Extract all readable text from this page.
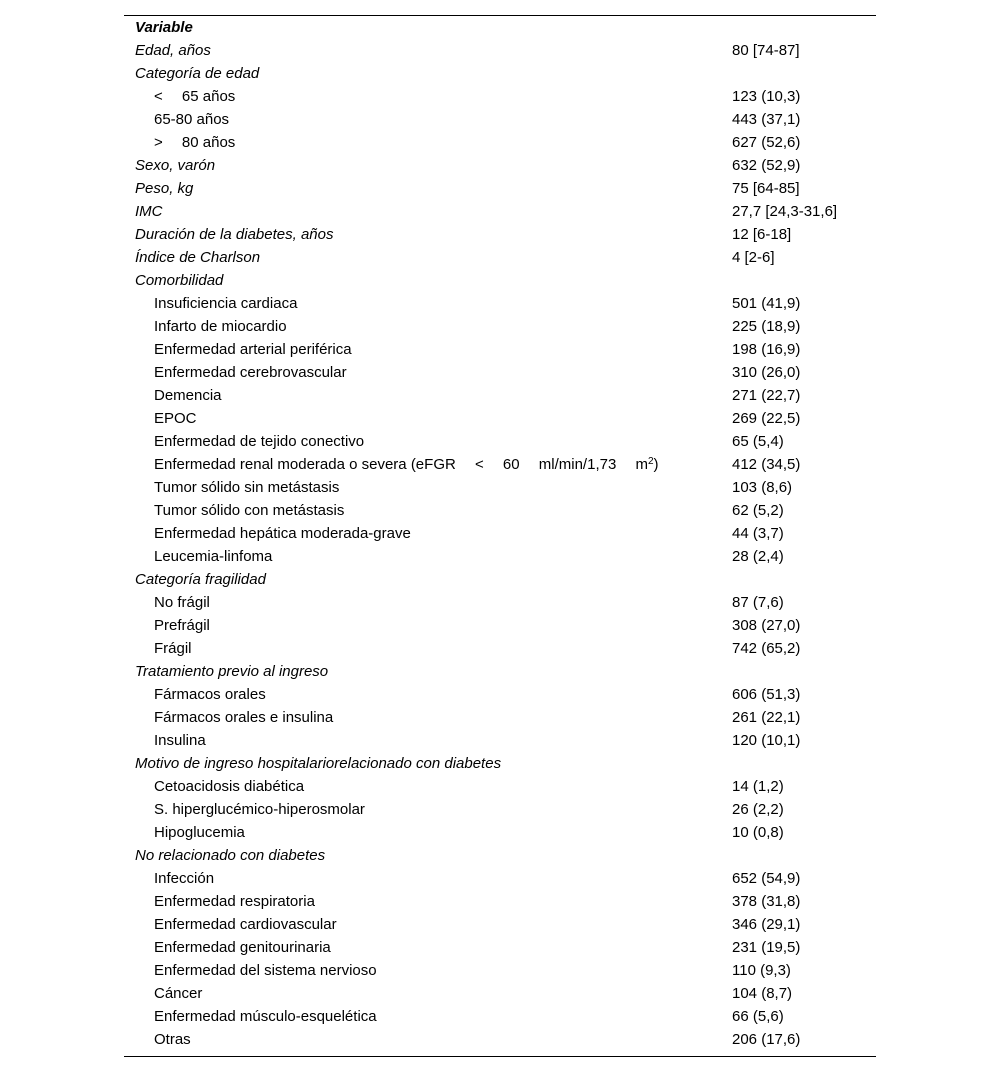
Variable
Edad, años	80 [74-87]
Categoría de edad
<  65 años	123 (10,3)
65-80 años	443 (37,1)
>  80 años	627 (52,6)
Sexo, varón	632 (52,9)
Peso, kg	75 [64-85]
IMC	27,7 [24,3-31,6]
Duración de la diabetes, años	12 [6-18]
Índice de Charlson	4 [2-6]
Comorbilidad
Insuficiencia cardiaca	501 (41,9)
Infarto de miocardio	225 (18,9)
Enfermedad arterial periférica	198 (16,9)
Enfermedad cerebrovascular	310 (26,0)
Demencia	271 (22,7)
EPOC	269 (22,5)
Enfermedad de tejido conectivo	65 (5,4)
Enfermedad renal moderada o severa (eFGR  <  60  ml/min/1,73  $m^2$)	412 (34,5)
Tumor sólido sin metástasis	103 (8,6)
Tumor sólido con metástasis	62 (5,2)
Enfermedad hepática moderada-grave	44 (3,7)
Leucemia-linfoma	28 (2,4)
Categoría fragilidad
No frágil	87 (7,6)
Prefrágil	308 (27,0)
Frágil	742 (65,2)
Tratamiento previo al ingreso
Fármacos orales	606 (51,3)
Fármacos orales e insulina	261 (22,1)
Insulina	120 (10,1)
Motivo de ingreso hospitalariorelacionado con diabetes
Cetoacidosis diabética	14 (1,2)
S. hiperglucémico-hiperosmolar	26 (2,2)
Hipoglucemia	10 (0,8)
No relacionado con diabetes
Infección	652 (54,9)
Enfermedad respiratoria	378 (31,8)
Enfermedad cardiovascular	346 (29,1)
Enfermedad genitourinaria	231 (19,5)
Enfermedad del sistema nervioso	110 (9,3)
Cáncer	104 (8,7)
Enfermedad músculo-esquelética	66 (5,6)
Otras	206 (17,6)
